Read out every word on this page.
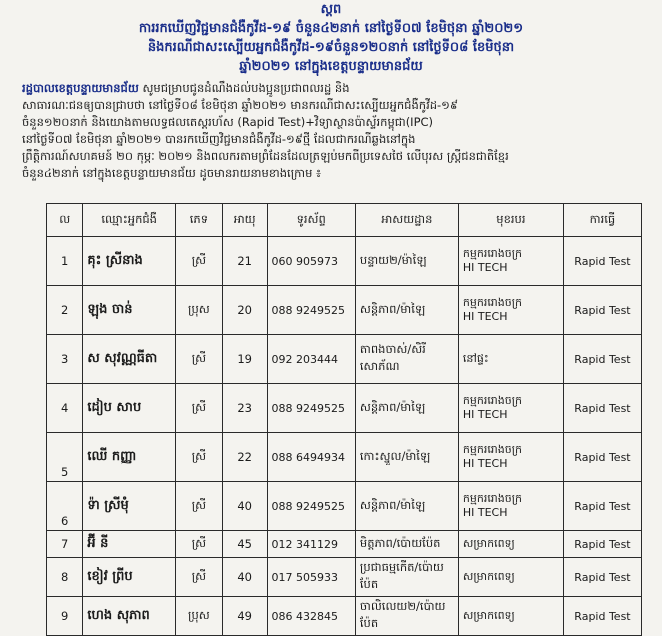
ស្តព
ការរកឃើញវិជ្ជមានជំងឺកូវីដ-១៩ ចំនួន៤២នាក់ នៅថ្ងៃទី០៧ ខែមិថុនា ឆ្នាំ២០២១
និងករណីជាសះស្បើយអ្នកជំងឺកូវីដ-១៩ចំនួន១២០នាក់ នៅថ្ងៃទី០៨ ខែមិថុនា
ឆ្នាំ២០២១ នៅក្នុងខេត្តបន្ទាយមានជ័យ
រដ្ឋបាលខេត្តបន្ទាយមានជ័យ សូមជម្រាបជូនដំណឹងដល់បងប្អូនប្រជាពលរដ្ឋ និង
សាធារណៈជនឲ្យបានជ្រាបថា នៅថ្ងៃទី០៨ ខែមិថុនា ឆ្នាំ២០២១ មានករណីជាសះស្បើយអ្នកជំងឺកូវីដ-១៩
ចំនួន១២០នាក់ និងយោងតាមលទ្ធផលតេស្តរហ័ស (Rapid Test)+វិទ្យាស្ថានប៉ាស្ទ័រកម្ពុជា(IPC)
នៅថ្ងៃទី០៧ ខែមិថុនា ឆ្នាំ២០២១ បានរកឃើញវិជ្ជមានជំងឺកូវីដ-១៩ថ្មី ដែលជាករណីឆ្លងនៅក្នុង
ព្រឹត្តិការណ៍សហគមន៍ ២០ កុម្ភៈ ២០២១ និងពលករតាមព្រំដែនដែលត្រឡប់មកពីប្រទេសថៃ លើបុរស ស្ត្រីជនជាតិខ្មែរ
ចំនួន៤២នាក់ នៅក្នុងខេត្តបន្ទាយមានជ័យ ដូចមានរាយនាមខាងក្រោម ៖
ល	ឈ្មោះអ្នកជំងឺ	ភេទ	អាយុ	ទូរស័ព្ទ	អាសយដ្ឋាន	មុខរបរ	ការធ្វើ
1	គុះ ស្រីនាង	ស្រី	21	060 905973	បន្ទាយ២/ម៉ាឡៃ	កម្មកររោងចក្រ
HI TECH	Rapid Test
2	ឡុង ចាន់	ប្រុស	20	088 9249525	សន្តិភាព/ម៉ាឡៃ	កម្មកររោងចក្រ
HI TECH	Rapid Test
3	ស សុវណ្ណធីតា	ស្រី	19	092 203444	តាពងចាស់/សិរីសោភ័ណ	នៅផ្ទះ	Rapid Test
4	ដៀប សាប	ស្រី	23	088 9249525	សន្តិភាព/ម៉ាឡៃ	កម្មកររោងចក្រ
HI TECH	Rapid Test
5	ឈើ កញ្ញា	ស្រី	22	088 6494934	កោះស្នួល/ម៉ាឡៃ	កម្មកររោងចក្រ
HI TECH	Rapid Test
6	ទ៉ា ស្រីមុំ	ស្រី	40	088 9249525	សន្តិភាព/ម៉ាឡៃ	កម្មកររោងចក្រ
HI TECH	Rapid Test
7	អ៊ី នី	ស្រី	45	012 341129	មិត្តភាព/ប៉ោយប៉ែត	សម្រាកពេទ្យ	Rapid Test
8	ខៀវ ព្រីប	ស្រី	40	017 505933	ប្រជាធម្មកើត/ប៉ោយប៉ែត	សម្រាកពេទ្យ	Rapid Test
9	ហេង សុភាព	ប្រុស	49	086 432845	ចាលិលេយ២/ប៉ោយប៉ែត	សម្រាកពេទ្យ	Rapid Test
